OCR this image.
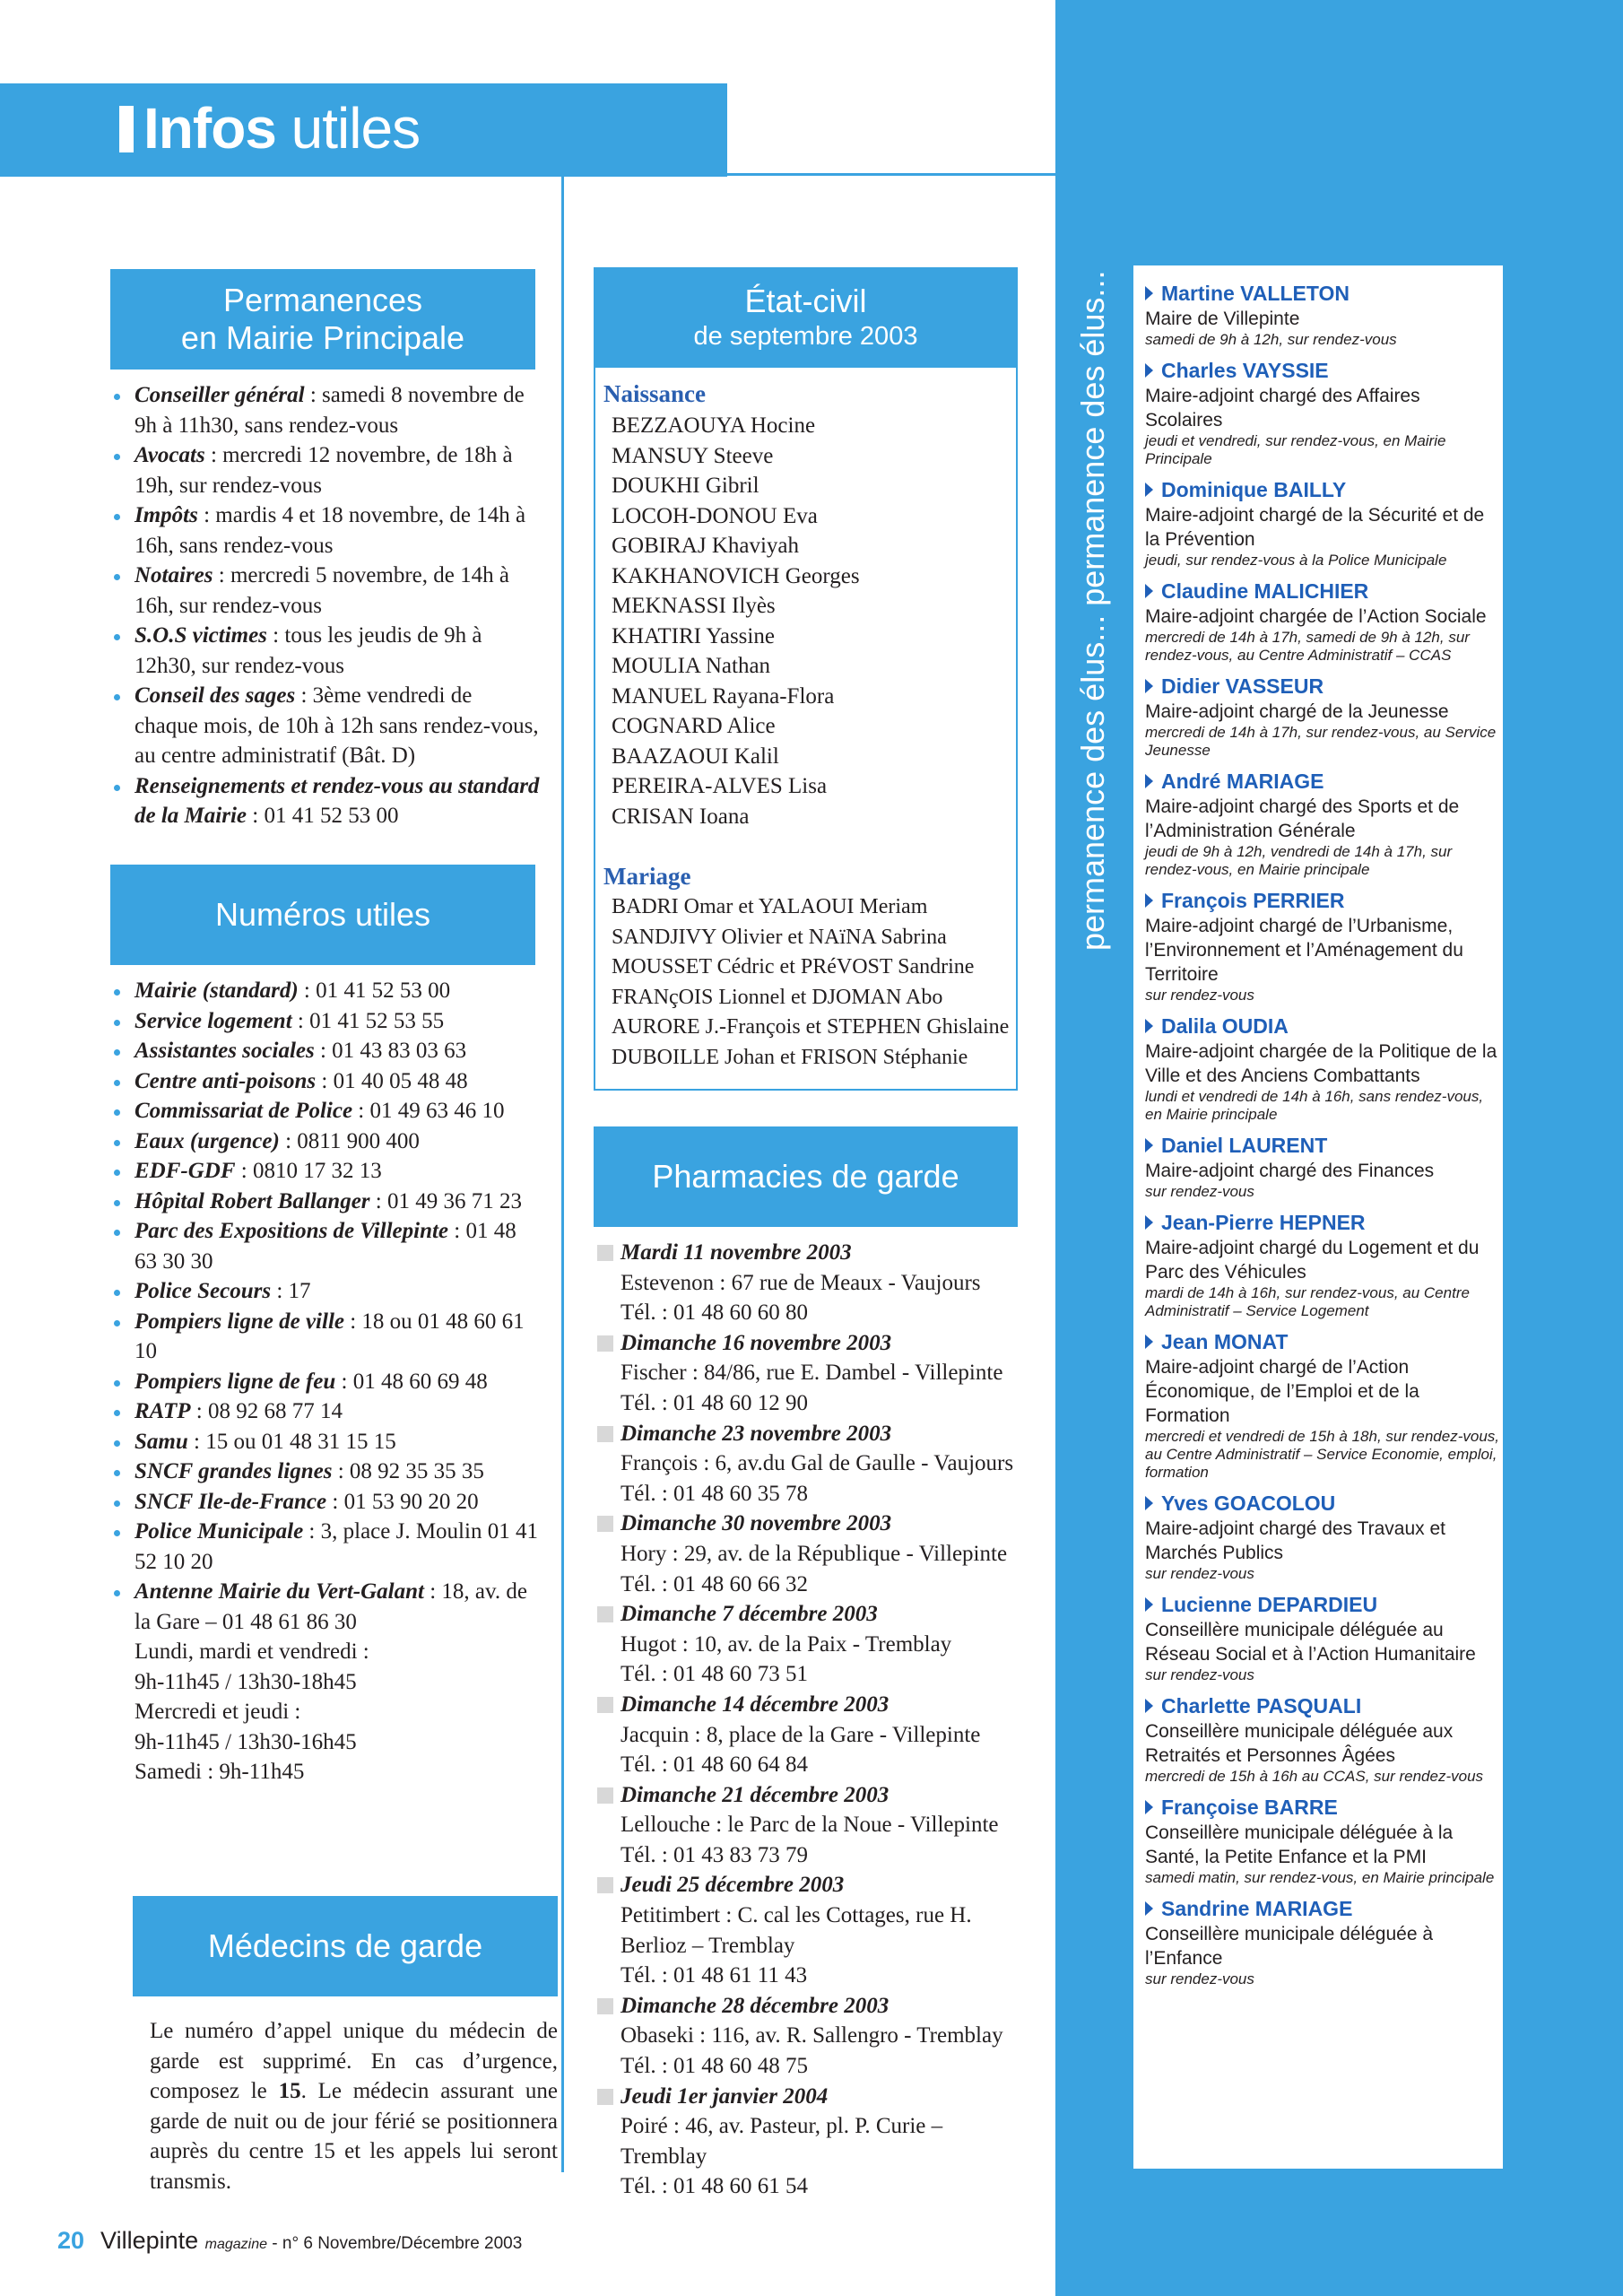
Infos utiles
Permanences
en Mairie Principale
Conseiller général : samedi 8 novembre de 9h à 11h30, sans rendez-vous
Avocats : mercredi 12 novembre, de 18h à 19h, sur rendez-vous
Impôts : mardis 4 et 18 novembre, de 14h à 16h, sans rendez-vous
Notaires : mercredi 5 novembre, de 14h à 16h, sur rendez-vous
S.O.S victimes : tous les jeudis de 9h à 12h30, sur rendez-vous
Conseil des sages : 3ème vendredi de chaque mois, de 10h à 12h sans rendez-vous, au centre administratif (Bât. D)
Renseignements et rendez-vous au standard de la Mairie : 01 41 52 53 00
Numéros utiles
Mairie (standard) : 01 41 52 53 00
Service logement : 01 41 52 53 55
Assistantes sociales : 01 43 83 03 63
Centre anti-poisons : 01 40 05 48 48
Commissariat de Police : 01 49 63 46 10
Eaux (urgence) : 0811 900 400
EDF-GDF : 0810 17 32 13
Hôpital Robert Ballanger : 01 49 36 71 23
Parc des Expositions de Villepinte : 01 48 63 30 30
Police Secours : 17
Pompiers ligne de ville : 18 ou 01 48 60 61 10
Pompiers ligne de feu : 01 48 60 69 48
RATP : 08 92 68 77 14
Samu : 15 ou 01 48 31 15 15
SNCF grandes lignes : 08 92 35 35 35
SNCF Ile-de-France : 01 53 90 20 20
Police Municipale : 3, place J. Moulin 01 41 52 10 20
Antenne Mairie du Vert-Galant : 18, av. de la Gare – 01 48 61 86 30
Lundi, mardi et vendredi :
9h-11h45 / 13h30-18h45
Mercredi et jeudi :
9h-11h45 / 13h30-16h45
Samedi : 9h-11h45
Médecins de garde
Le numéro d’appel unique du médecin de garde est supprimé. En cas d’urgence, composez le 15. Le médecin assurant une garde de nuit ou de jour férié se positionnera auprès du centre 15 et les appels lui seront transmis.
État-civil
de septembre 2003
Naissance
BEZZAOUYA Hocine
MANSUY Steeve
DOUKHI Gibril
LOCOH-DONOU Eva
GOBIRAJ Khaviyah
KAKHANOVICH Georges
MEKNASSI Ilyès
KHATIRI Yassine
MOULIA Nathan
MANUEL Rayana-Flora
COGNARD Alice
BAAZAOUI Kalil
PEREIRA-ALVES Lisa
CRISAN Ioana
Mariage
BADRI Omar et YALAOUI Meriam
SANDJIVY Olivier et NAïNA Sabrina
MOUSSET Cédric et PRéVOST Sandrine
FRANçOIS Lionnel et DJOMAN Abo
AURORE J.-François et STEPHEN Ghislaine
DUBOILLE Johan et FRISON Stéphanie
Pharmacies de garde
Mardi 11 novembre 2003
Estevenon : 67 rue de Meaux - Vaujours
Tél. : 01 48 60 60 80
Dimanche 16 novembre 2003
Fischer : 84/86, rue E. Dambel - Villepinte
Tél. : 01 48 60 12 90
Dimanche 23 novembre 2003
François : 6, av.du Gal de Gaulle - Vaujours
Tél. : 01 48 60 35 78
Dimanche 30 novembre 2003
Hory : 29, av. de la République - Villepinte
Tél. : 01 48 60 66 32
Dimanche 7 décembre 2003
Hugot : 10, av. de la Paix - Tremblay
Tél. : 01 48 60 73 51
Dimanche 14 décembre 2003
Jacquin : 8, place de la Gare - Villepinte
Tél. : 01 48 60 64 84
Dimanche 21 décembre 2003
Lellouche : le Parc de la Noue - Villepinte
Tél. : 01 43 83 73 79
Jeudi 25 décembre 2003
Petitimbert : C. cal les Cottages, rue H. Berlioz – Tremblay
Tél. : 01 48 61 11 43
Dimanche 28 décembre 2003
Obaseki : 116, av. R. Sallengro - Tremblay
Tél. : 01 48 60 48 75
Jeudi 1er janvier 2004
Poiré : 46, av. Pasteur, pl. P. Curie – Tremblay
Tél. : 01 48 60 61 54
permanence des élus... permanence des élus...	Martine VALLETON
Maire de Villepinte
samedi de 9h à 12h, sur rendez-vous
Charles VAYSSIE
Maire-adjoint chargé des Affaires Scolaires
jeudi et vendredi, sur rendez-vous, en Mairie Principale
Dominique BAILLY
Maire-adjoint chargé de la Sécurité et de la Prévention
jeudi, sur rendez-vous à la Police Municipale
Claudine MALICHIER
Maire-adjoint chargée de l’Action Sociale
mercredi de 14h à 17h, samedi de 9h à 12h, sur rendez-vous, au Centre Administratif – CCAS
Didier VASSEUR
Maire-adjoint chargé de la Jeunesse
mercredi de 14h à 17h, sur rendez-vous, au Service Jeunesse
André MARIAGE
Maire-adjoint chargé des Sports et de l’Administration Générale
jeudi de 9h à 12h, vendredi de 14h à 17h, sur rendez-vous, en Mairie principale
François PERRIER
Maire-adjoint chargé de l’Urbanisme, l’Environnement et l’Aménagement du Territoire
sur rendez-vous
Dalila OUDIA
Maire-adjoint chargée de la Politique de la Ville et des Anciens Combattants
lundi et vendredi de 14h à 16h, sans rendez-vous, en Mairie principale
Daniel LAURENT
Maire-adjoint chargé des Finances
sur rendez-vous
Jean-Pierre HEPNER
Maire-adjoint chargé du Logement et du Parc des Véhicules
mardi de 14h à 16h, sur rendez-vous, au Centre Administratif – Service Logement
Jean MONAT
Maire-adjoint chargé de l’Action Économique, de l’Emploi et de la Formation
mercredi et vendredi de 15h à 18h, sur rendez-vous, au Centre Administratif – Service Economie, emploi, formation
Yves GOACOLOU
Maire-adjoint chargé des Travaux et Marchés Publics
sur rendez-vous
Lucienne DEPARDIEU
Conseillère municipale déléguée au Réseau Social et à l’Action Humanitaire
sur rendez-vous
Charlette PASQUALI
Conseillère municipale déléguée aux Retraités et Personnes Âgées
mercredi de 15h à 16h au CCAS, sur rendez-vous
Françoise BARRE
Conseillère municipale déléguée à la Santé, la Petite Enfance et la PMI
samedi matin, sur rendez-vous, en Mairie principale
Sandrine MARIAGE
Conseillère municipale déléguée à l’Enfance
sur rendez-vous
20 Villepinte magazine - n° 6 Novembre/Décembre 2003
